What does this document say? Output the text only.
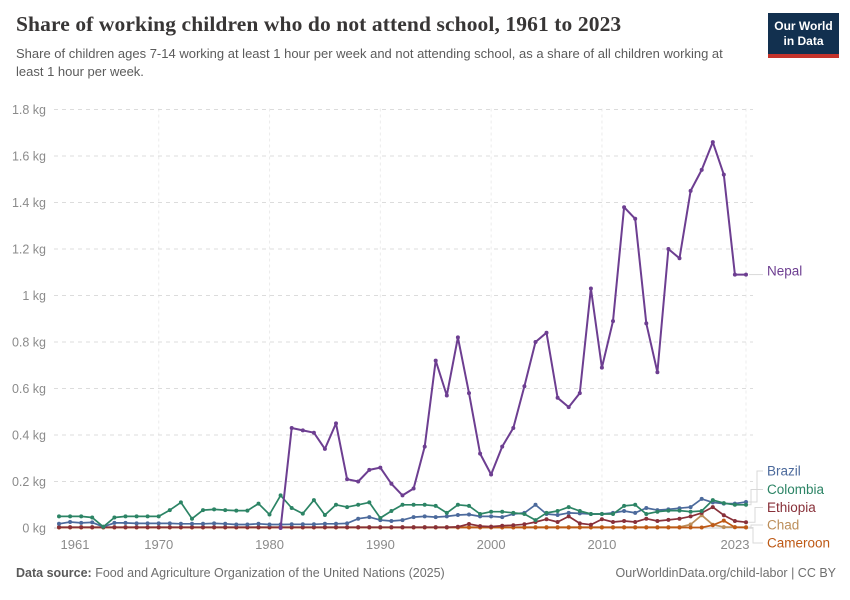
Share of working children who do not attend school, 1961 to 2023
Share of children ages 7-14 working at least 1 hour per week and not attending school, as a share of all children working at least 1 hour per week.
Our World
in Data
0 kg
0.2 kg
0.4 kg
0.6 kg
0.8 kg
1 kg
1.2 kg
1.4 kg
1.6 kg
1.8 kg
1961	1970	1980	1990	2000	2010	2023
Chad
Cameroon
Ethiopia
Brazil
Colombia
Nepal
Data source: Food and Agriculture Organization of the United Nations (2025)	OurWorldinData.org/child-labor | CC BY
